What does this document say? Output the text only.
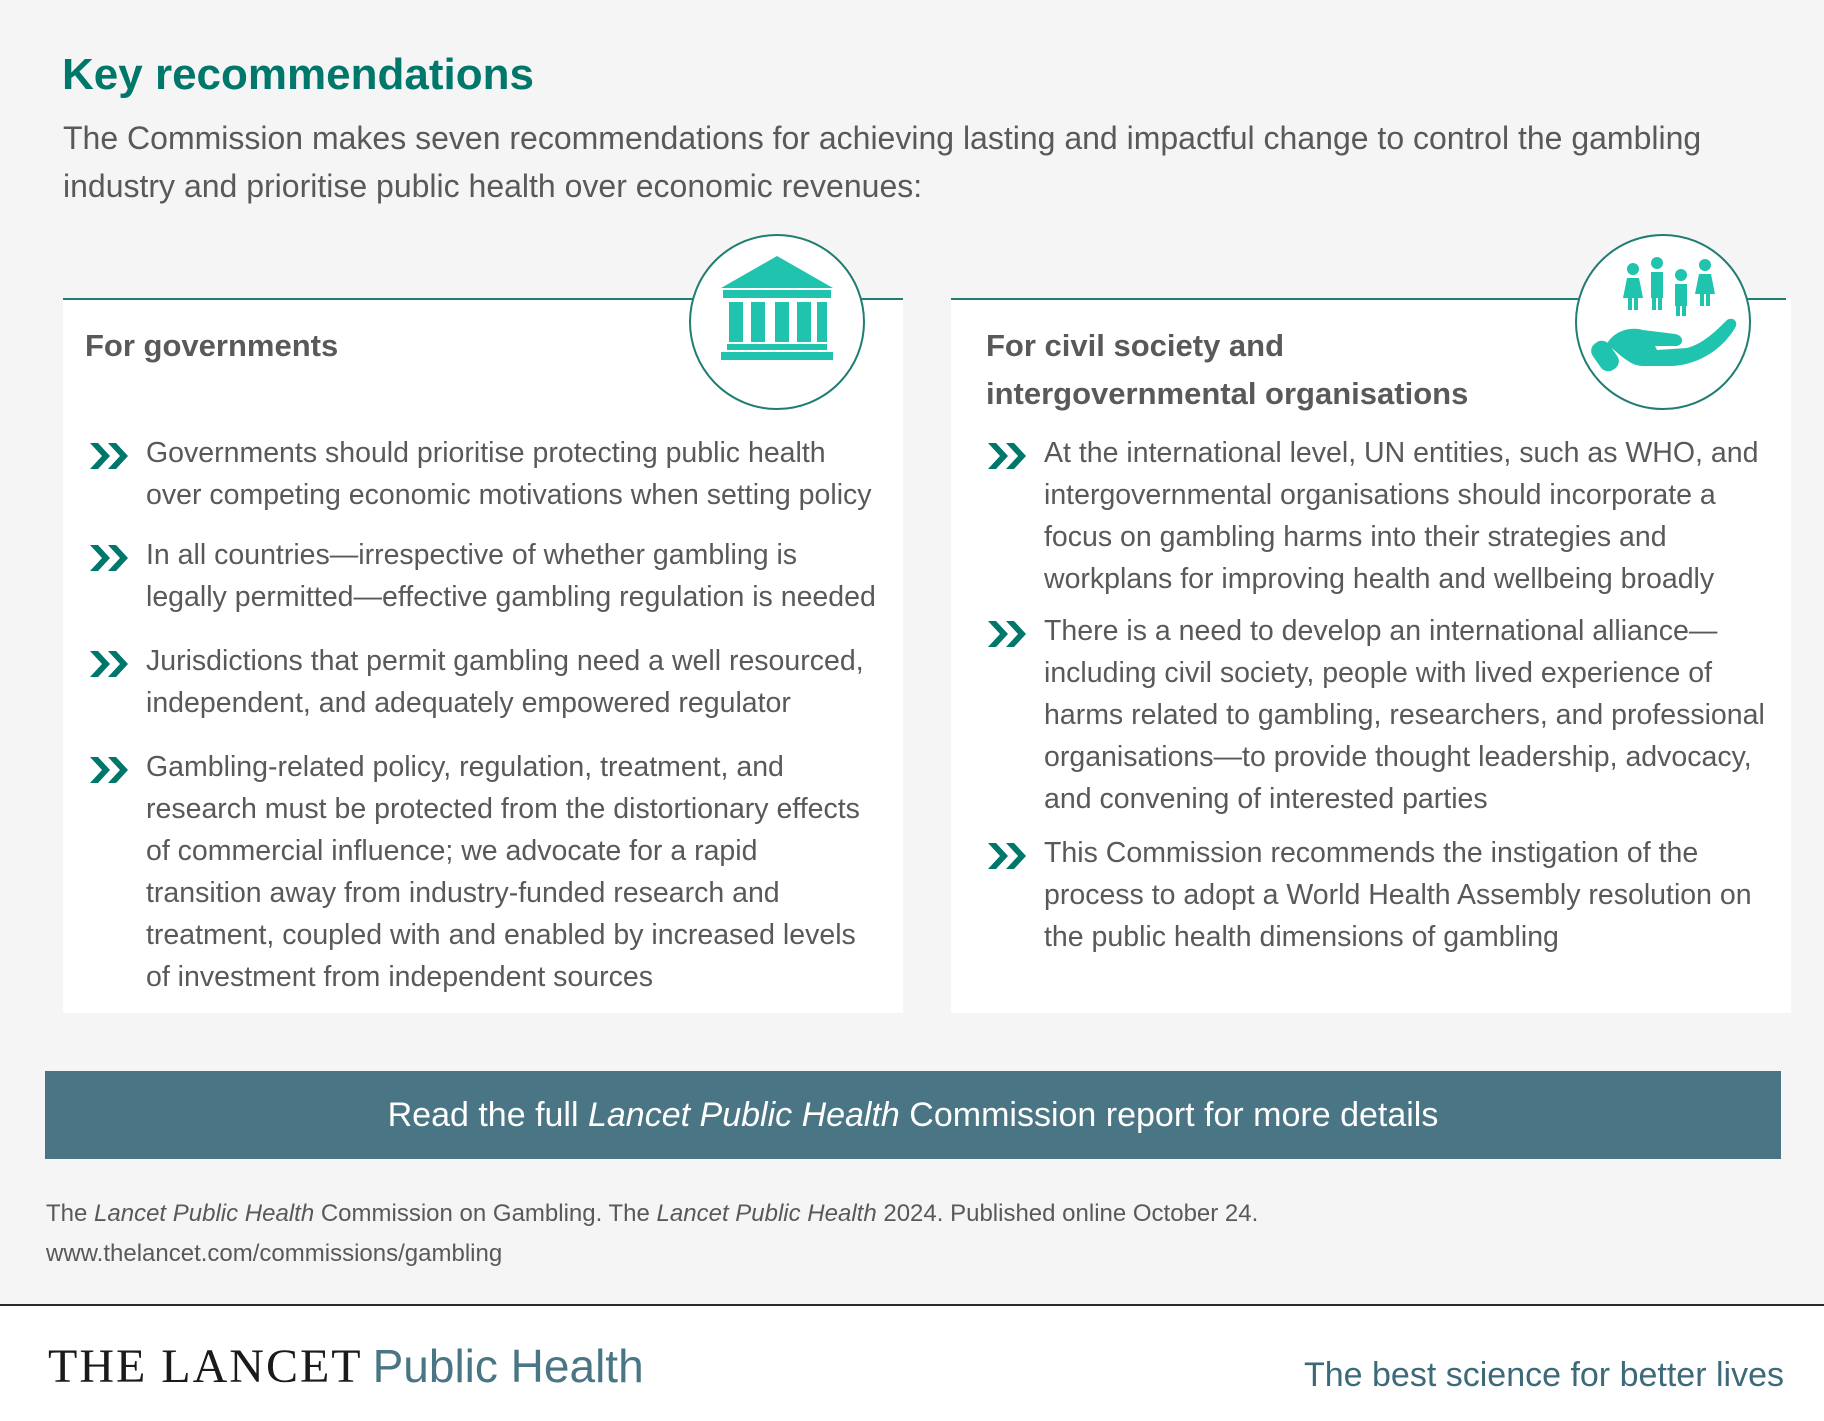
Key recommendations

The Commission makes seven recommendations for achieving lasting and impactful change to control the gambling industry and prioritise public health over economic revenues:

For governments
Governments should prioritise protecting public health over competing economic motivations when setting policy
In all countries—irrespective of whether gambling is legally permitted—effective gambling regulation is needed
Jurisdictions that permit gambling need a well resourced, independent, and adequately empowered regulator
Gambling-related policy, regulation, treatment, and research must be protected from the distortionary effects of commercial influence; we advocate for a rapid transition away from industry-funded research and treatment, coupled with and enabled by increased levels of investment from independent sources
For civil society and intergovernmental organisations
At the international level, UN entities, such as WHO, and intergovernmental organisations should incorporate a focus on gambling harms into their strategies and workplans for improving health and wellbeing broadly
There is a need to develop an international alliance—including civil society, people with lived experience of harms related to gambling, researchers, and professional organisations—to provide thought leadership, advocacy, and convening of interested parties
This Commission recommends the instigation of the process to adopt a World Health Assembly resolution on the public health dimensions of gambling
Read the full Lancet Public Health Commission report for more details

The Lancet Public Health Commission on Gambling. The Lancet Public Health 2024. Published online October 24.
www.thelancet.com/commissions/gambling

THE LANCET Public Health	The best science for better lives
